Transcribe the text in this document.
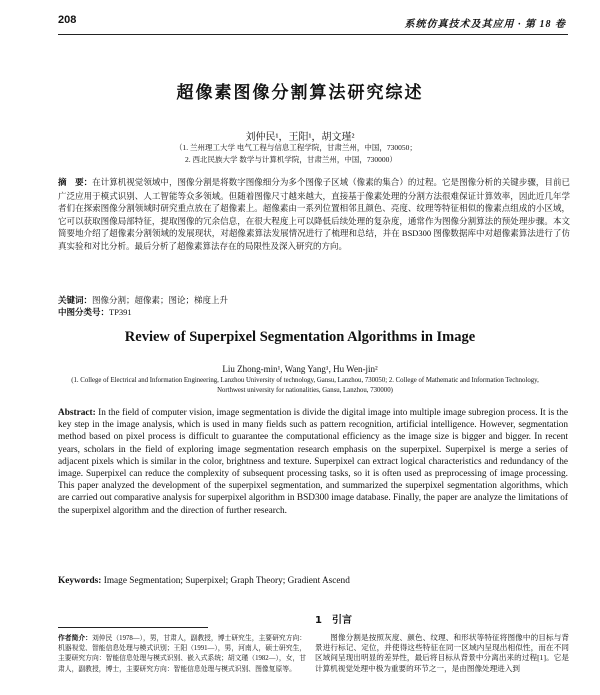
208	系统仿真技术及其应用 · 第 18 卷
超像素图像分割算法研究综述
刘仲民¹，王阳¹，胡文瑾²
（1. 兰州理工大学 电气工程与信息工程学院，甘肃兰州，中国，730050；
2. 西北民族大学 数学与计算机学院，甘肃兰州，中国，730000）
摘　要：在计算机视觉领域中，图像分割是将数字图像细分为多个图像子区域（像素的集合）的过程。它是图像分析的关键步骤，目前已广泛应用于模式识别、人工智能等众多领域。但随着图像尺寸越来越大，直接基于像素处理的分割方法很难保证计算效率，因此近几年学者们在探索图像分割领域时研究重点放在了超像素上。超像素由一系列位置相邻且颜色、亮度、纹理等特征相似的像素点组成的小区域，它可以获取图像局部特征，提取图像的冗余信息，在很大程度上可以降低后续处理的复杂度，通常作为图像分割算法的预处理步骤。本文简要地介绍了超像素分割领域的发展现状，对超像素算法发展情况进行了梳理和总结，并在 BSD300 图像数据库中对超像素算法进行了仿真实验和对比分析。最后分析了超像素算法存在的局限性及深入研究的方向。
关键词：图像分割；超像素；图论；梯度上升
中图分类号：TP391
Review of Superpixel Segmentation Algorithms in Image
Liu Zhong-min¹, Wang Yang¹, Hu Wen-jin²
(1. College of Electrical and Information Engineering, Lanzhou University of technology, Gansu, Lanzhou, 730050; 2. College of Mathematic and Information Technology, Northwest university for nationalities, Gansu, Lanzhou, 730000)
Abstract: In the field of computer vision, image segmentation is divide the digital image into multiple image subregion process. It is the key step in the image analysis, which is used in many fields such as pattern recognition, artificial intelligence. However, segmentation method based on pixel process is difficult to guarantee the computational efficiency as the image size is bigger and bigger. In recent years, scholars in the field of exploring image segmentation research emphasis on the superpixel. Superpixel is merge a series of adjacent pixels which is similar in the color, brightness and texture. Superpixel can extract logical characteristics and redundancy of the image. Superpixel can reduce the complexity of subsequent processing tasks, so it is often used as preprocessing of image processing. This paper analyzed the development of the superpixel segmentation, and summarized the superpixel segmentation algorithms, which are carried out comparative analysis for superpixel algorithm in BSD300 image database. Finally, the paper are analyze the limitations of the superpixel algorithm and the direction of further research.
Keywords: Image Segmentation; Superpixel; Graph Theory; Gradient Ascend
作者简介：刘仲民（1978—），男，甘肃人，副教授，博士研究生，主要研究方向：机器视觉、智能信息处理与模式识别；王阳（1991—），男，河南人，硕士研究生，主要研究方向：智能信息处理与模式识别、嵌入式系统；胡文瑾（1982—），女，甘肃人，副教授，博士，主要研究方向：智能信息处理与模式识别、图像复原等。
1　引言
图像分割是按照灰度、颜色、纹理、和形状等特征将图像中的目标与背景进行标记、定位，并使得这些特征在同一区域内呈现出相似性，而在不同区域间呈现出明显的差异性，最后将目标从背景中分离出来的过程[1]。它是计算机视觉处理中极为重要的环节之一，是由图像处理进入到
